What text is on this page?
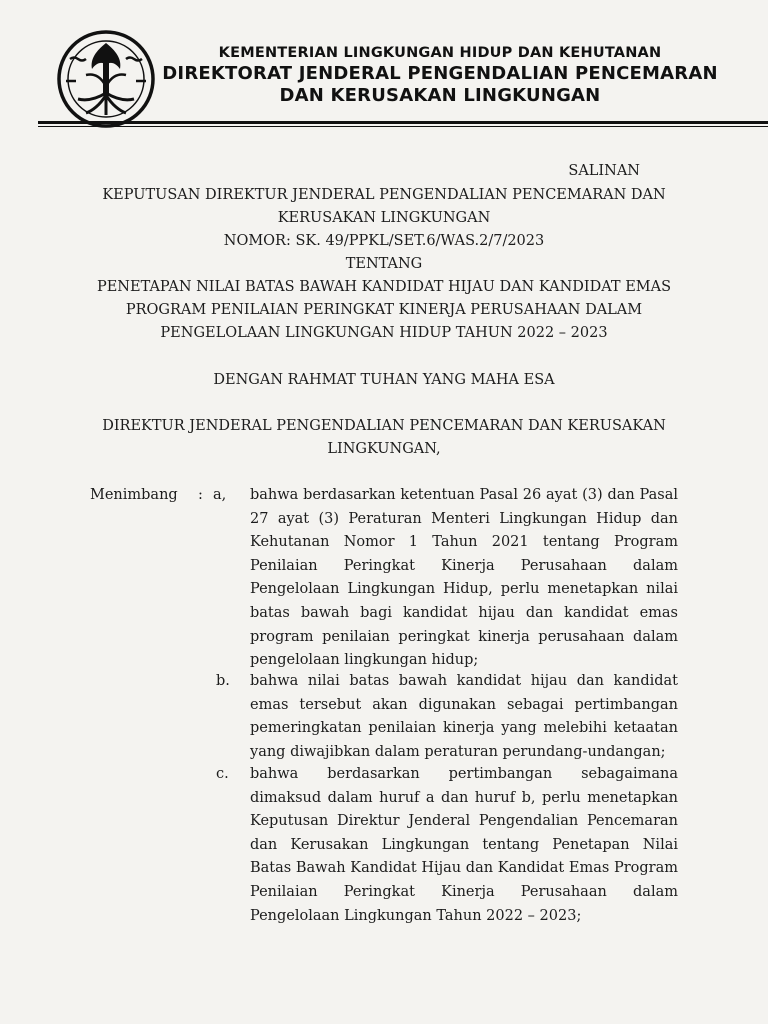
KEMENTERIAN LINGKUNGAN HIDUP DAN KEHUTANAN
DIREKTORAT JENDERAL PENGENDALIAN PENCEMARAN
DAN KERUSAKAN LINGKUNGAN
SALINAN
KEPUTUSAN DIREKTUR JENDERAL PENGENDALIAN PENCEMARAN DAN
KERUSAKAN LINGKUNGAN
NOMOR: SK. 49/PPKL/SET.6/WAS.2/7/2023
TENTANG
PENETAPAN NILAI BATAS BAWAH KANDIDAT HIJAU DAN KANDIDAT EMAS
PROGRAM PENILAIAN PERINGKAT KINERJA PERUSAHAAN DALAM
PENGELOLAAN LINGKUNGAN HIDUP TAHUN 2022 – 2023
DENGAN RAHMAT TUHAN YANG MAHA ESA
DIREKTUR JENDERAL PENGENDALIAN PENCEMARAN DAN KERUSAKAN
LINGKUNGAN,
Menimbang : a, bahwa berdasarkan ketentuan Pasal 26 ayat (3) dan Pasal 27 ayat (3) Peraturan Menteri Lingkungan Hidup dan Kehutanan Nomor 1 Tahun 2021 tentang Program Penilaian Peringkat Kinerja Perusahaan dalam Pengelolaan Lingkungan Hidup, perlu menetapkan nilai batas bawah bagi kandidat hijau dan kandidat emas program penilaian peringkat kinerja perusahaan dalam pengelolaan lingkungan hidup;
b. bahwa nilai batas bawah kandidat hijau dan kandidat emas tersebut akan digunakan sebagai pertimbangan pemeringkatan penilaian kinerja yang melebihi ketaatan yang diwajibkan dalam peraturan perundang-undangan;
c. bahwa berdasarkan pertimbangan sebagaimana dimaksud dalam huruf a dan huruf b, perlu menetapkan Keputusan Direktur Jenderal Pengendalian Pencemaran dan Kerusakan Lingkungan tentang Penetapan Nilai Batas Bawah Kandidat Hijau dan Kandidat Emas Program Penilaian Peringkat Kinerja Perusahaan dalam Pengelolaan Lingkungan Tahun 2022 – 2023;
